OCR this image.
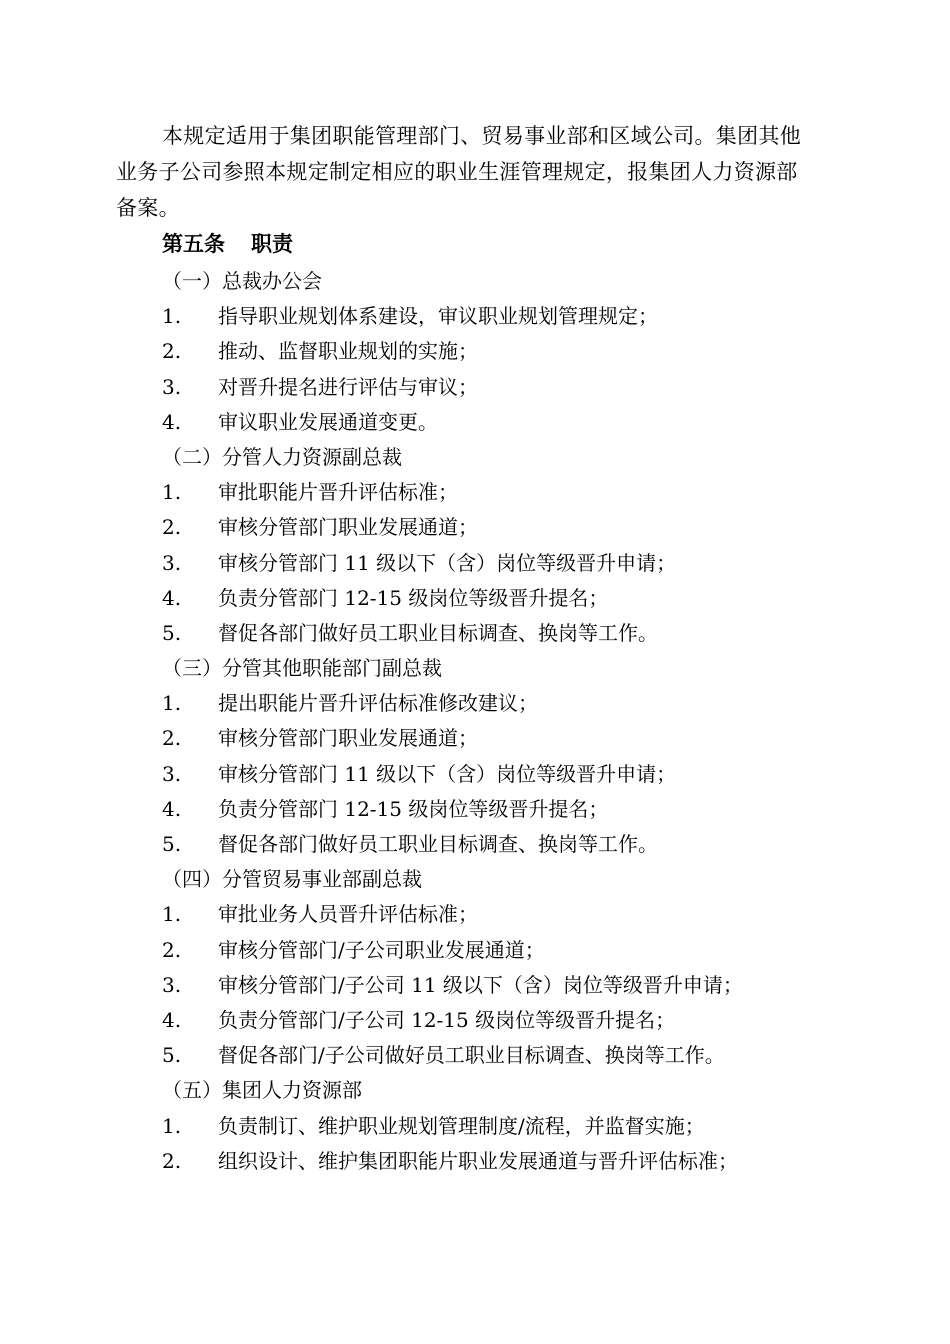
本规定适用于集团职能管理部门、贸易事业部和区域公司。集团其他业务子公司参照本规定制定相应的职业生涯管理规定，报集团人力资源部备案。

第五条 职责
（一）总裁办公会
1.	指导职业规划体系建设，审议职业规划管理规定；
2.	推动、监督职业规划的实施；
3.	对晋升提名进行评估与审议；
4.	审议职业发展通道变更。
（二）分管人力资源副总裁
1.	审批职能片晋升评估标准；
2.	审核分管部门职业发展通道；
3.	审核分管部门 11 级以下（含）岗位等级晋升申请；
4.	负责分管部门 12-15 级岗位等级晋升提名；
5.	督促各部门做好员工职业目标调查、换岗等工作。
（三）分管其他职能部门副总裁
1.	提出职能片晋升评估标准修改建议；
2.	审核分管部门职业发展通道；
3.	审核分管部门 11 级以下（含）岗位等级晋升申请；
4.	负责分管部门 12-15 级岗位等级晋升提名；
5.	督促各部门做好员工职业目标调查、换岗等工作。
（四）分管贸易事业部副总裁
1.	审批业务人员晋升评估标准；
2.	审核分管部门/子公司职业发展通道；
3.	审核分管部门/子公司 11 级以下（含）岗位等级晋升申请；
4.	负责分管部门/子公司 12-15 级岗位等级晋升提名；
5.	督促各部门/子公司做好员工职业目标调查、换岗等工作。
（五）集团人力资源部
1.	负责制订、维护职业规划管理制度/流程，并监督实施；
2.	组织设计、维护集团职能片职业发展通道与晋升评估标准；
